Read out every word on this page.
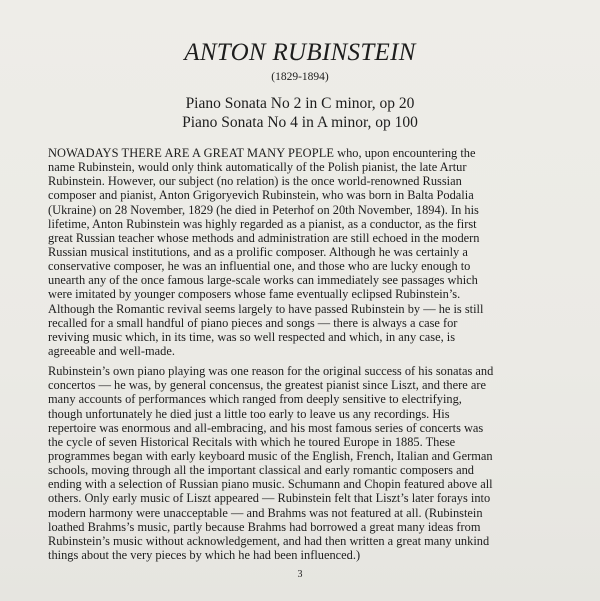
ANTON RUBINSTEIN
(1829-1894)
Piano Sonata No 2 in C minor, op 20
Piano Sonata No 4 in A minor, op 100
NOWADAYS THERE ARE A GREAT MANY PEOPLE who, upon encountering the
name Rubinstein, would only think automatically of the Polish pianist, the late Artur
Rubinstein. However, our subject (no relation) is the once world-renowned Russian
composer and pianist, Anton Grigoryevich Rubinstein, who was born in Balta Podalia
(Ukraine) on 28 November, 1829 (he died in Peterhof on 20th November, 1894). In his
lifetime, Anton Rubinstein was highly regarded as a pianist, as a conductor, as the first
great Russian teacher whose methods and administration are still echoed in the modern
Russian musical institutions, and as a prolific composer. Although he was certainly a
conservative composer, he was an influential one, and those who are lucky enough to
unearth any of the once famous large-scale works can immediately see passages which
were imitated by younger composers whose fame eventually eclipsed Rubinstein’s.
Although the Romantic revival seems largely to have passed Rubinstein by — he is still
recalled for a small handful of piano pieces and songs — there is always a case for
reviving music which, in its time, was so well respected and which, in any case, is
agreeable and well-made.
Rubinstein’s own piano playing was one reason for the original success of his sonatas and
concertos — he was, by general concensus, the greatest pianist since Liszt, and there are
many accounts of performances which ranged from deeply sensitive to electrifying,
though unfortunately he died just a little too early to leave us any recordings. His
repertoire was enormous and all-embracing, and his most famous series of concerts was
the cycle of seven Historical Recitals with which he toured Europe in 1885. These
programmes began with early keyboard music of the English, French, Italian and German
schools, moving through all the important classical and early romantic composers and
ending with a selection of Russian piano music. Schumann and Chopin featured above all
others. Only early music of Liszt appeared — Rubinstein felt that Liszt’s later forays into
modern harmony were unacceptable — and Brahms was not featured at all. (Rubinstein
loathed Brahms’s music, partly because Brahms had borrowed a great many ideas from
Rubinstein’s music without acknowledgement, and had then written a great many unkind
things about the very pieces by which he had been influenced.)
3
